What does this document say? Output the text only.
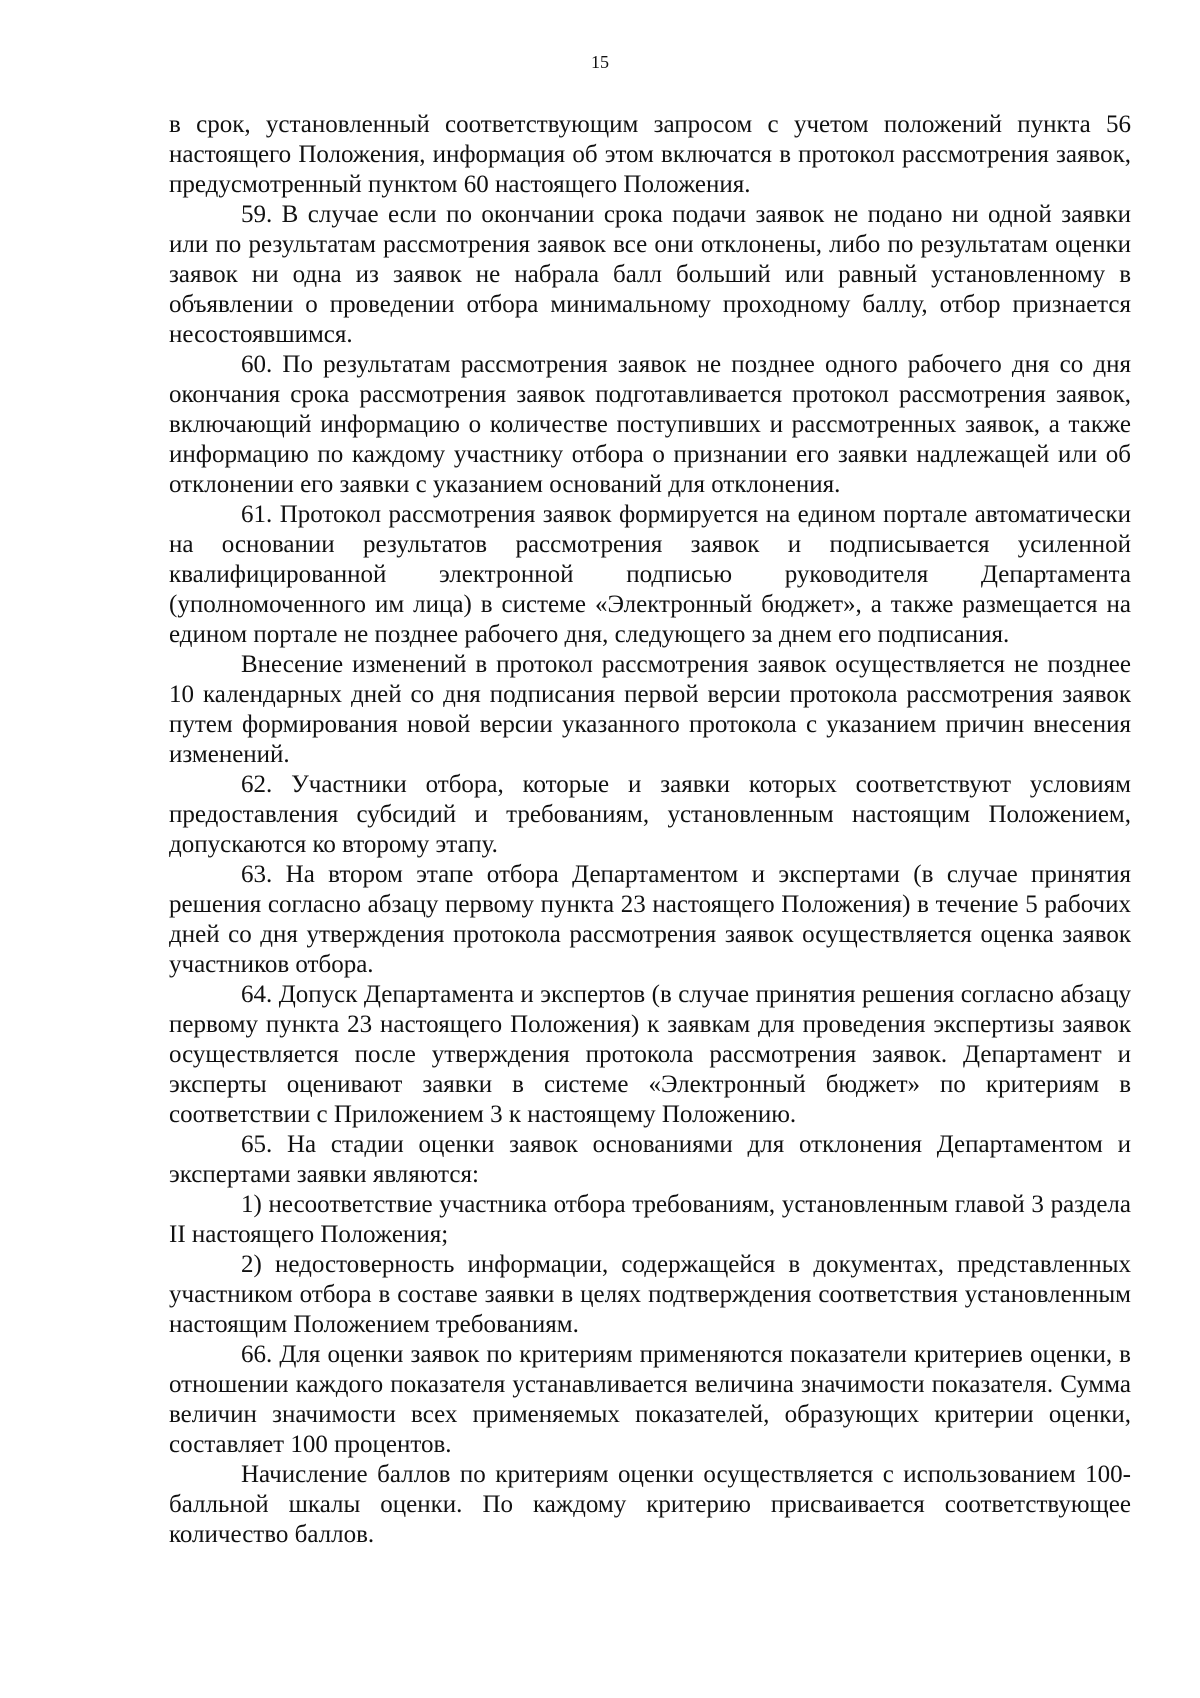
15

в срок, установленный соответствующим запросом с учетом положений пункта 56 настоящего Положения, информация об этом включатся в протокол рассмотрения заявок, предусмотренный пунктом 60 настоящего Положения.

59. В случае если по окончании срока подачи заявок не подано ни одной заявки или по результатам рассмотрения заявок все они отклонены, либо по результатам оценки заявок ни одна из заявок не набрала балл больший или равный установленному в объявлении о проведении отбора минимальному проходному баллу, отбор признается несостоявшимся.

60. По результатам рассмотрения заявок не позднее одного рабочего дня со дня окончания срока рассмотрения заявок подготавливается протокол рассмотрения заявок, включающий информацию о количестве поступивших и рассмотренных заявок, а также информацию по каждому участнику отбора о признании его заявки надлежащей или об отклонении его заявки с указанием оснований для отклонения.

61. Протокол рассмотрения заявок формируется на едином портале автоматически на основании результатов рассмотрения заявок и подписывается усиленной квалифицированной электронной подписью руководителя Департамента (уполномоченного им лица) в системе «Электронный бюджет», а также размещается на едином портале не позднее рабочего дня, следующего за днем его подписания.

Внесение изменений в протокол рассмотрения заявок осуществляется не позднее 10 календарных дней со дня подписания первой версии протокола рассмотрения заявок путем формирования новой версии указанного протокола с указанием причин внесения изменений.

62. Участники отбора, которые и заявки которых соответствуют условиям предоставления субсидий и требованиям, установленным настоящим Положением, допускаются ко второму этапу.

63. На втором этапе отбора Департаментом и экспертами (в случае принятия решения согласно абзацу первому пункта 23 настоящего Положения) в течение 5 рабочих дней со дня утверждения протокола рассмотрения заявок осуществляется оценка заявок участников отбора.

64. Допуск Департамента и экспертов (в случае принятия решения согласно абзацу первому пункта 23 настоящего Положения) к заявкам для проведения экспертизы заявок осуществляется после утверждения протокола рассмотрения заявок. Департамент и эксперты оценивают заявки в системе «Электронный бюджет» по критериям в соответствии с Приложением 3 к настоящему Положению.

65. На стадии оценки заявок основаниями для отклонения Департаментом и экспертами заявки являются:

1) несоответствие участника отбора требованиям, установленным главой 3 раздела II настоящего Положения;

2) недостоверность информации, содержащейся в документах, представленных участником отбора в составе заявки в целях подтверждения соответствия установленным настоящим Положением требованиям.

66. Для оценки заявок по критериям применяются показатели критериев оценки, в отношении каждого показателя устанавливается величина значимости показателя. Сумма величин значимости всех применяемых показателей, образующих критерии оценки, составляет 100 процентов.

Начисление баллов по критериям оценки осуществляется с использованием 100-балльной шкалы оценки. По каждому критерию присваивается соответствующее количество баллов.
